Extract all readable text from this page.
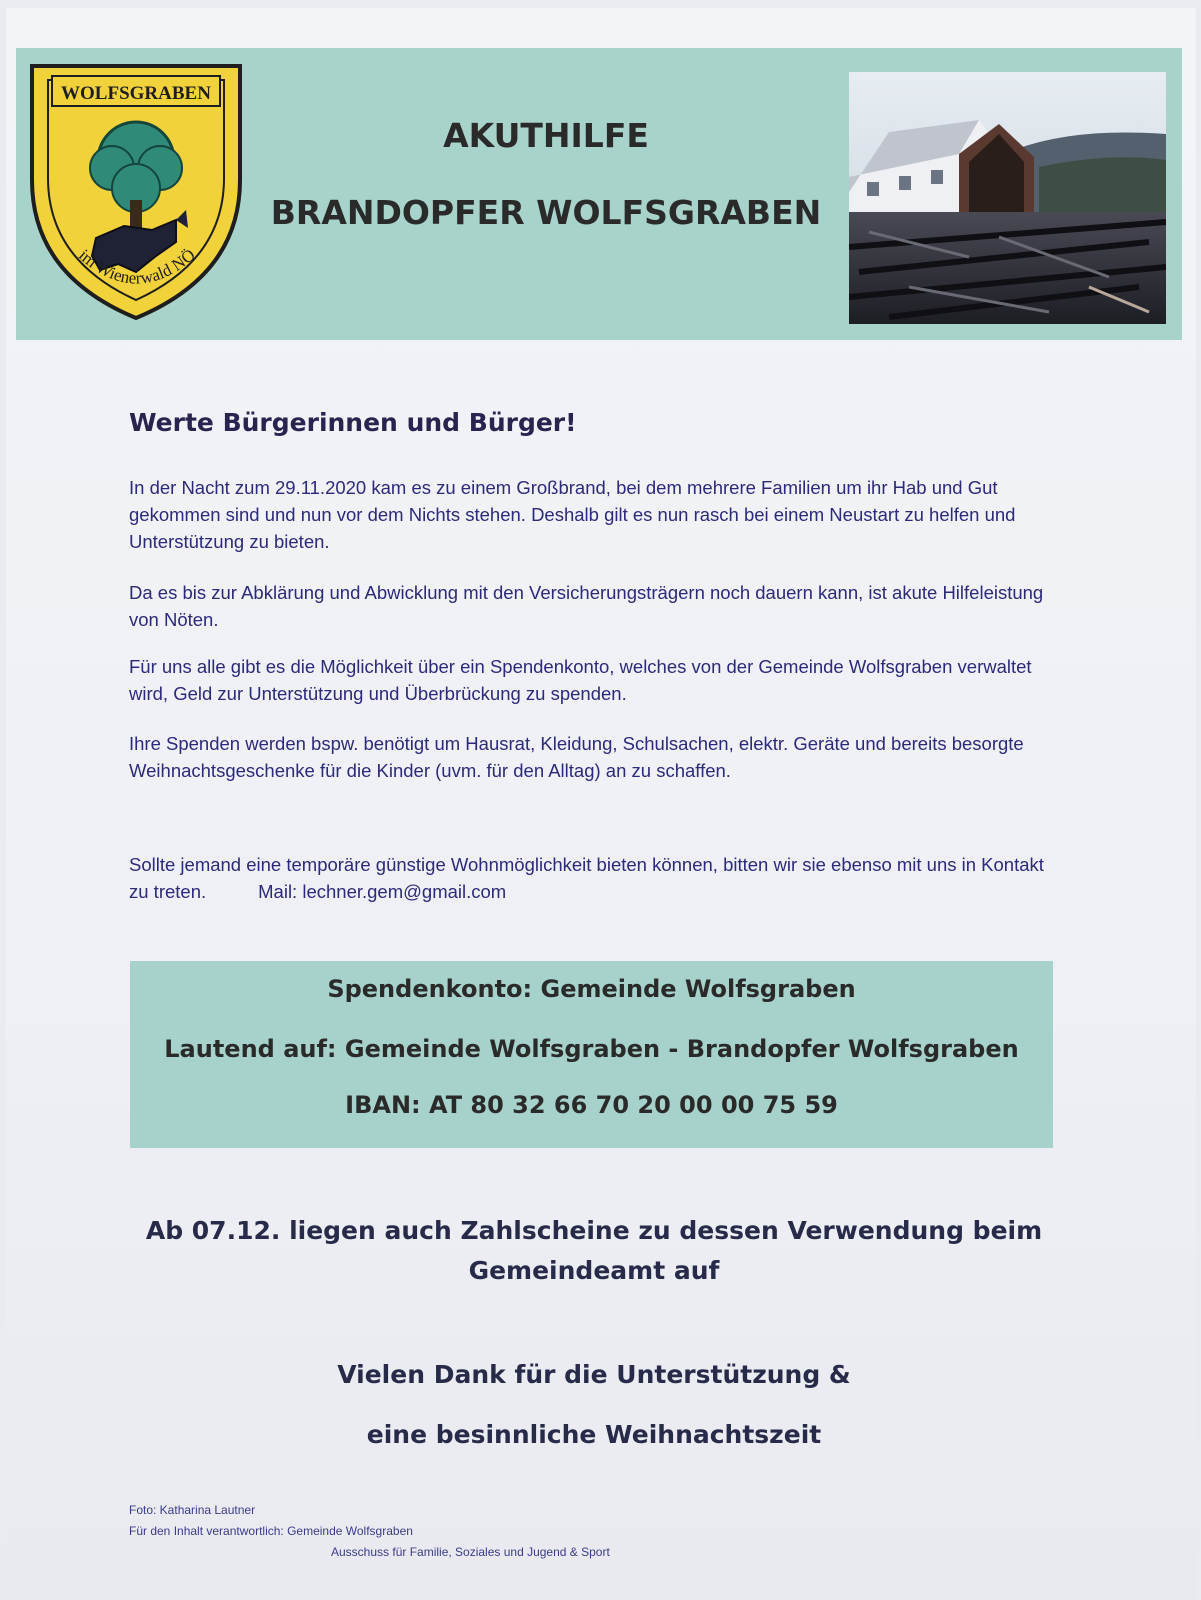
WOLFSGRABEN
im Wienerwald NÖ
AKUTHILFE
BRANDOPFER WOLFSGRABEN
Werte Bürgerinnen und Bürger!
In der Nacht zum 29.11.2020 kam es zu einem Großbrand, bei dem mehrere Familien um ihr Hab und Gut gekommen sind und nun vor dem Nichts stehen. Deshalb gilt es nun rasch bei einem Neustart zu helfen und Unterstützung zu bieten.
Da es bis zur Abklärung und Abwicklung mit den Versicherungsträgern noch dauern kann, ist akute Hilfeleistung von Nöten.
Für uns alle gibt es die Möglichkeit über ein Spendenkonto, welches von der Gemeinde Wolfsgraben verwaltet wird, Geld zur Unterstützung und Überbrückung zu spenden.
Ihre Spenden werden bspw. benötigt um Hausrat, Kleidung, Schulsachen, elektr. Geräte und bereits besorgte Weihnachtsgeschenke für die Kinder (uvm. für den Alltag) an zu schaffen.
Sollte jemand eine temporäre günstige Wohnmöglichkeit bieten können, bitten wir sie ebenso mit uns in Kontakt zu treten.	Mail: lechner.gem@gmail.com
Spendenkonto: Gemeinde Wolfsgraben
Lautend auf: Gemeinde Wolfsgraben - Brandopfer Wolfsgraben
IBAN: AT 80 32 66 70 20 00 00 75 59
Ab 07.12. liegen auch Zahlscheine zu dessen Verwendung beim Gemeindeamt auf
Vielen Dank für die Unterstützung &
eine besinnliche Weihnachtszeit
Foto: Katharina Lautner
Für den Inhalt verantwortlich: Gemeinde Wolfsgraben
Ausschuss für Familie, Soziales und Jugend & Sport
